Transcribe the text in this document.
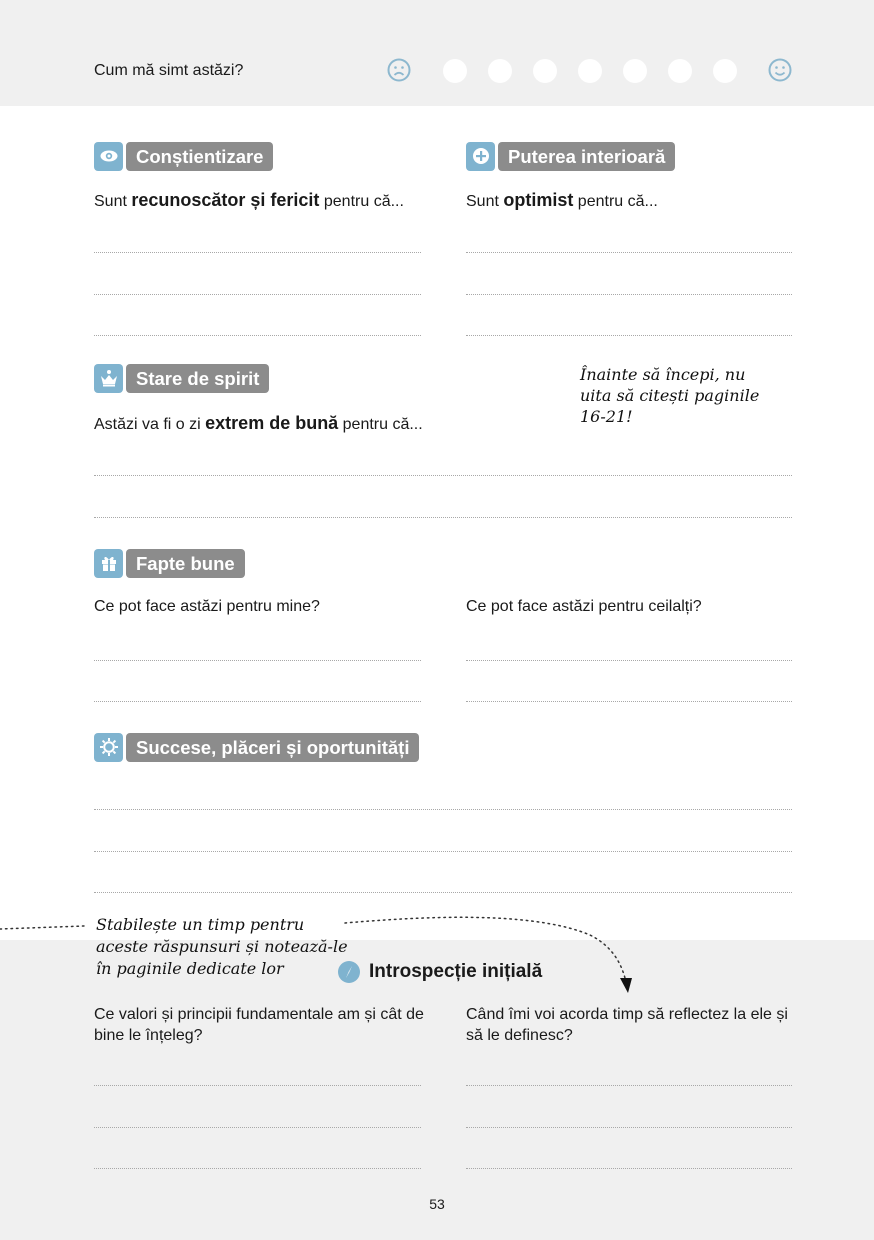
Cum mă simt astăzi?
Conștientizare
Sunt recunoscător și fericit pentru că...
Puterea interioară
Sunt optimist pentru că...
Stare de spirit
Astăzi va fi o zi extrem de bună pentru că...
Înainte să începi, nu
uita să citești paginile
16-21!
Fapte bune
Ce pot face astăzi pentru mine?	Ce pot face astăzi pentru ceilalți?
Succese, plăceri și oportunități
Stabilește un timp pentru
aceste răspunsuri și notează-le
în paginile dedicate lor	Introspecție inițială
Ce valori și principii fundamentale am și cât de bine le înțeleg?
Când îmi voi acorda timp să reflectez la ele și să le definesc?
53
